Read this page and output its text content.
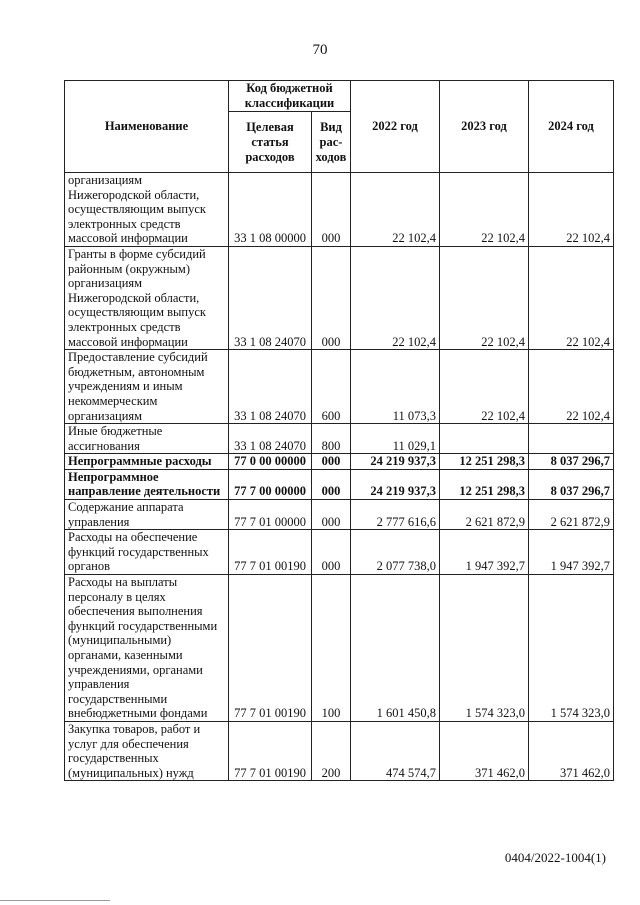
70
Наименование	Код бюджетной классификации		2022 год	2023 год	2024 год
	Целевая статья расходов	Вид рас-ходов			
организациям Нижегородской области, осуществляющим выпуск электронных средств массовой информации	33 1 08 00000	000	22 102,4	22 102,4	22 102,4
Гранты в форме субсидий районным (окружным) организациям Нижегородской области, осуществляющим выпуск электронных средств массовой информации	33 1 08 24070	000	22 102,4	22 102,4	22 102,4
Предоставление субсидий бюджетным, автономным учреждениям и иным некоммерческим организациям	33 1 08 24070	600	11 073,3	22 102,4	22 102,4
Иные бюджетные ассигнования	33 1 08 24070	800	11 029,1		
Непрограммные расходы	77 0 00 00000	000	24 219 937,3	12 251 298,3	8 037 296,7
Непрограммное направление деятельности	77 7 00 00000	000	24 219 937,3	12 251 298,3	8 037 296,7
Содержание аппарата управления	77 7 01 00000	000	2 777 616,6	2 621 872,9	2 621 872,9
Расходы на обеспечение функций государственных органов	77 7 01 00190	000	2 077 738,0	1 947 392,7	1 947 392,7
Расходы на выплаты персоналу в целях обеспечения выполнения функций государственными (муниципальными) органами, казенными учреждениями, органами управления государственными внебюджетными фондами	77 7 01 00190	100	1 601 450,8	1 574 323,0	1 574 323,0
Закупка товаров, работ и услуг для обеспечения государственных (муниципальных) нужд	77 7 01 00190	200	474 574,7	371 462,0	371 462,0
0404/2022-1004(1)
